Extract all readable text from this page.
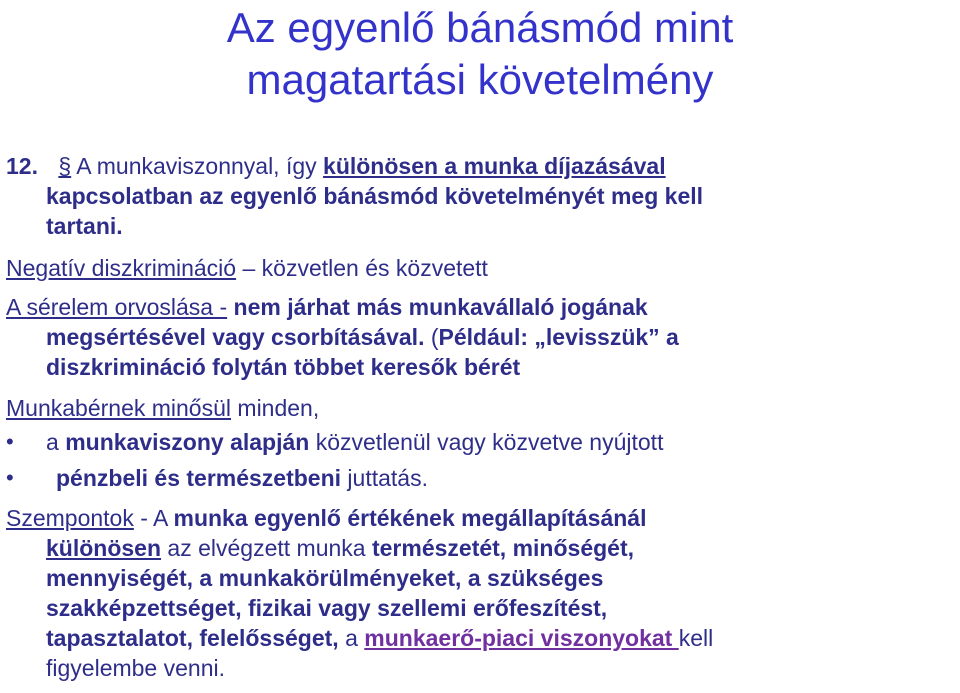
Az egyenlő bánásmód mint
magatartási követelmény
12. § A munkaviszonnyal, így különösen a munka díjazásával
kapcsolatban az egyenlő bánásmód követelményét meg kell
tartani.
Negatív diszkrimináció – közvetlen és közvetett
A sérelem orvoslása - nem járhat más munkavállaló jogának
megsértésével vagy csorbításával. (Például: „levisszük” a
diszkrimináció folytán többet keresők bérét
Munkabérnek minősül minden,
• a munkaviszony alapján közvetlenül vagy közvetve nyújtott
• pénzbeli és természetbeni juttatás.
Szempontok - A munka egyenlő értékének megállapításánál
különösen az elvégzett munka természetét, minőségét,
mennyiségét, a munkakörülményeket, a szükséges
szakképzettséget, fizikai vagy szellemi erőfeszítést,
tapasztalatot, felelősséget, a munkaerő-piaci viszonyokat kell
figyelembe venni.
